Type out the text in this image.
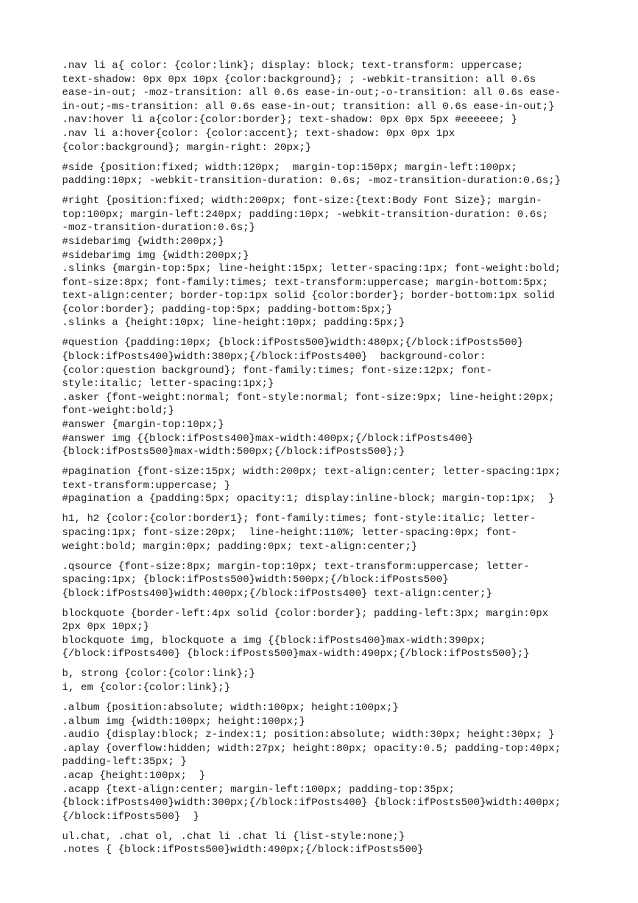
.nav li a{ color: {color:link}; display: block; text-transform: uppercase;
text-shadow: 0px 0px 10px {color:background}; ; -webkit-transition: all 0.6s
ease-in-out; -moz-transition: all 0.6s ease-in-out;-o-transition: all 0.6s ease-
in-out;-ms-transition: all 0.6s ease-in-out; transition: all 0.6s ease-in-out;}
.nav:hover li a{color:{color:border}; text-shadow: 0px 0px 5px #eeeeee; }
.nav li a:hover{color: {color:accent}; text-shadow: 0px 0px 1px
{color:background}; margin-right: 20px;}
#side {position:fixed; width:120px;  margin-top:150px; margin-left:100px;
padding:10px; -webkit-transition-duration: 0.6s; -moz-transition-duration:0.6s;}
#right {position:fixed; width:200px; font-size:{text:Body Font Size}; margin-
top:100px; margin-left:240px; padding:10px; -webkit-transition-duration: 0.6s;
-moz-transition-duration:0.6s;}
#sidebarimg {width:200px;}
#sidebarimg img {width:200px;}
.slinks {margin-top:5px; line-height:15px; letter-spacing:1px; font-weight:bold;
font-size:8px; font-family:times; text-transform:uppercase; margin-bottom:5px;
text-align:center; border-top:1px solid {color:border}; border-bottom:1px solid
{color:border}; padding-top:5px; padding-bottom:5px;}
.slinks a {height:10px; line-height:10px; padding:5px;}
#question {padding:10px; {block:ifPosts500}width:480px;{/block:ifPosts500}
{block:ifPosts400}width:380px;{/block:ifPosts400}  background-color:
{color:question background}; font-family:times; font-size:12px; font-
style:italic; letter-spacing:1px;}
.asker {font-weight:normal; font-style:normal; font-size:9px; line-height:20px;
font-weight:bold;}
#answer {margin-top:10px;}
#answer img {{block:ifPosts400}max-width:400px;{/block:ifPosts400}
{block:ifPosts500}max-width:500px;{/block:ifPosts500};}
#pagination {font-size:15px; width:200px; text-align:center; letter-spacing:1px;
text-transform:uppercase; }
#pagination a {padding:5px; opacity:1; display:inline-block; margin-top:1px;  }
h1, h2 {color:{color:border1}; font-family:times; font-style:italic; letter-
spacing:1px; font-size:20px;  line-height:110%; letter-spacing:0px; font-
weight:bold; margin:0px; padding:0px; text-align:center;}
.qsource {font-size:8px; margin-top:10px; text-transform:uppercase; letter-
spacing:1px; {block:ifPosts500}width:500px;{/block:ifPosts500}
{block:ifPosts400}width:400px;{/block:ifPosts400} text-align:center;}
blockquote {border-left:4px solid {color:border}; padding-left:3px; margin:0px
2px 0px 10px;}
blockquote img, blockquote a img {{block:ifPosts400}max-width:390px;
{/block:ifPosts400} {block:ifPosts500}max-width:490px;{/block:ifPosts500};}
b, strong {color:{color:link};}
i, em {color:{color:link};}
.album {position:absolute; width:100px; height:100px;}
.album img {width:100px; height:100px;}
.audio {display:block; z-index:1; position:absolute; width:30px; height:30px; }
.aplay {overflow:hidden; width:27px; height:80px; opacity:0.5; padding-top:40px;
padding-left:35px; }
.acap {height:100px;  }
.acapp {text-align:center; margin-left:100px; padding-top:35px;
{block:ifPosts400}width:300px;{/block:ifPosts400} {block:ifPosts500}width:400px;
{/block:ifPosts500}  }
ul.chat, .chat ol, .chat li .chat li {list-style:none;}
.notes { {block:ifPosts500}width:490px;{/block:ifPosts500}
